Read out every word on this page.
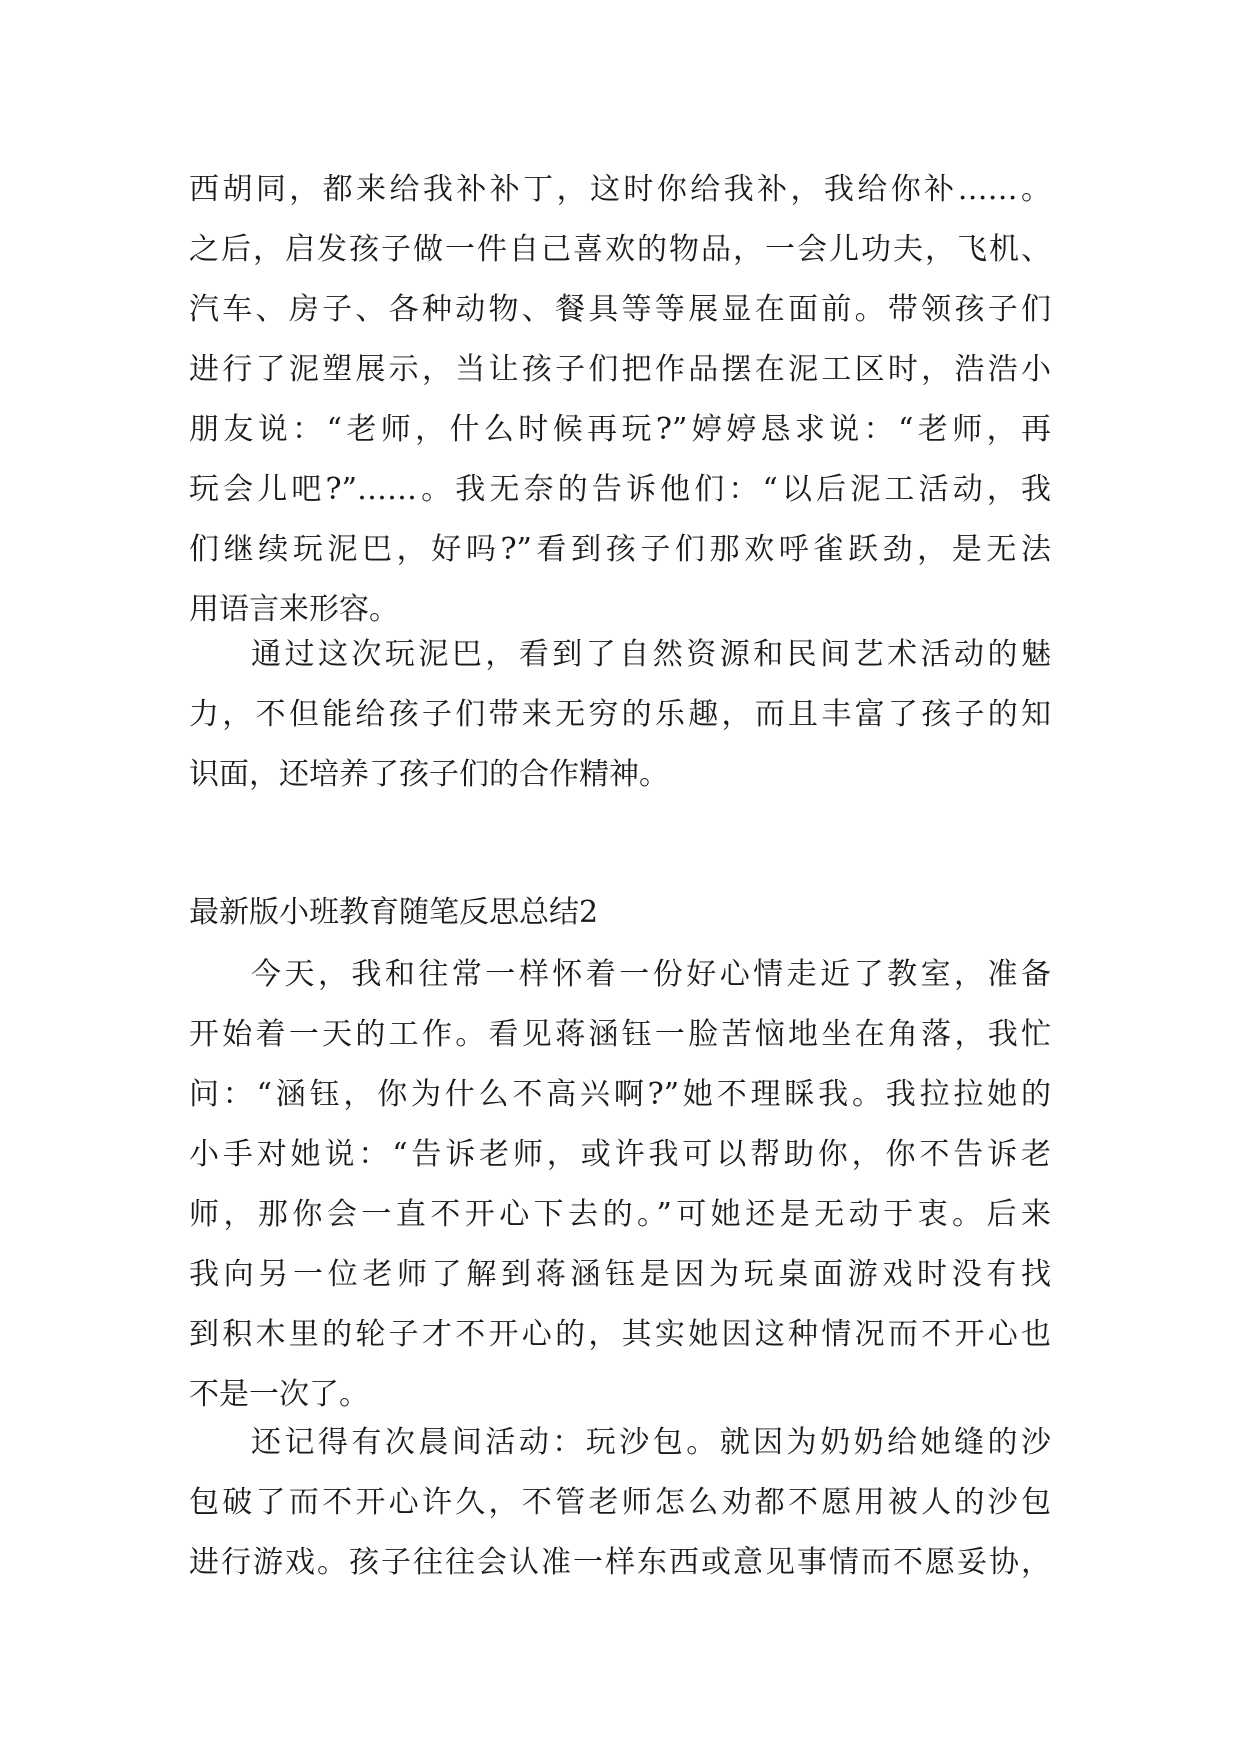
西胡同，都来给我补补丁，这时你给我补，我给你补……。
之后，启发孩子做一件自己喜欢的物品，一会儿功夫，飞机、
汽车、房子、各种动物、餐具等等展显在面前。带领孩子们
进行了泥塑展示，当让孩子们把作品摆在泥工区时，浩浩小
朋友说：“老师，什么时候再玩?”婷婷恳求说：“老师，再
玩会儿吧?”……。我无奈的告诉他们：“以后泥工活动，我
们继续玩泥巴，好吗?”看到孩子们那欢呼雀跃劲，是无法
用语言来形容。
通过这次玩泥巴，看到了自然资源和民间艺术活动的魅
力，不但能给孩子们带来无穷的乐趣，而且丰富了孩子的知
识面，还培养了孩子们的合作精神。
最新版小班教育随笔反思总结2
今天，我和往常一样怀着一份好心情走近了教室，准备
开始着一天的工作。看见蒋涵钰一脸苦恼地坐在角落，我忙
问：“涵钰，你为什么不高兴啊?”她不理睬我。我拉拉她的
小手对她说：“告诉老师，或许我可以帮助你，你不告诉老
师，那你会一直不开心下去的。”可她还是无动于衷。后来
我向另一位老师了解到蒋涵钰是因为玩桌面游戏时没有找
到积木里的轮子才不开心的，其实她因这种情况而不开心也
不是一次了。
还记得有次晨间活动：玩沙包。就因为奶奶给她缝的沙
包破了而不开心许久，不管老师怎么劝都不愿用被人的沙包
进行游戏。孩子往往会认准一样东西或意见事情而不愿妥协，
